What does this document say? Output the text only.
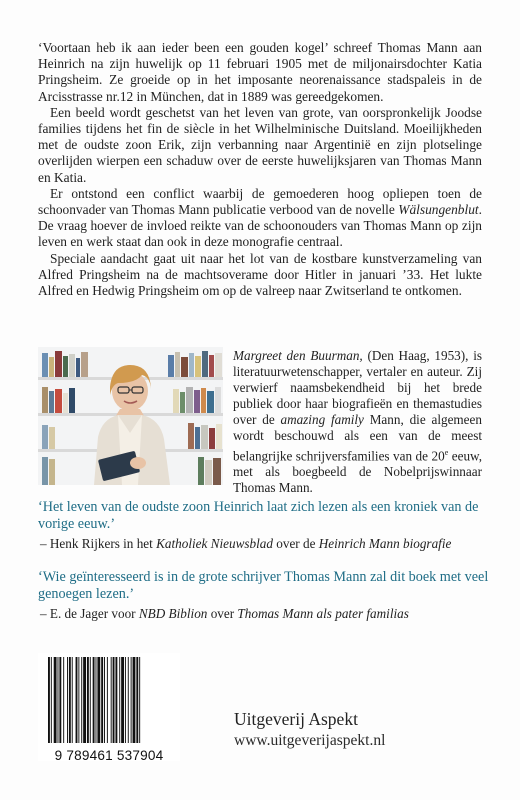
‘Voortaan heb ik aan ieder been een gouden kogel’ schreef Thomas Mann aan Heinrich na zijn huwelijk op 11 februari 1905 met de miljonairsdochter Katia Pringsheim. Ze groeide op in het imposante neorenaissance stadspaleis in de Arcisstrasse nr.12 in München, dat in 1889 was gereedgekomen.

Een beeld wordt geschetst van het leven van grote, van oorspronkelijk Joodse families tijdens het fin de siècle in het Wilhelminische Duitsland. Moeilijkheden met de oudste zoon Erik, zijn verbanning naar Argentinië en zijn plotselinge overlijden wierpen een schaduw over de eerste huwelijksjaren van Thomas Mann en Katia.

Er ontstond een conflict waarbij de gemoederen hoog opliepen toen de schoonvader van Thomas Mann publicatie verbood van de novelle Wälsungenblut. De vraag hoever de invloed reikte van de schoonouders van Thomas Mann op zijn leven en werk staat dan ook in deze monografie centraal.

Speciale aandacht gaat uit naar het lot van de kostbare kunstverzameling van Alfred Pringsheim na de machtsoverame door Hitler in januari ’33. Het lukte Alfred en Hedwig Pringsheim om op de valreep naar Zwitserland te ontkomen.

Margreet den Buurman, (Den Haag, 1953), is literatuurwetenschapper, vertaler en auteur. Zij verwierf naamsbekendheid bij het brede publiek door haar biografieën en themastudies over de amazing family Mann, die algemeen wordt beschouwd als een van de meest belangrijke schrijversfamilies van de 20e eeuw, met als boegbeeld de Nobelprijswinnaar Thomas Mann.

‘Het leven van de oudste zoon Heinrich laat zich lezen als een kroniek van de vorige eeuw.’
– Henk Rijkers in het Katholiek Nieuwsblad over de Heinrich Mann biografie
‘Wie geïnteresseerd is in de grote schrijver Thomas Mann zal dit boek met veel genoegen lezen.’
– E. de Jager voor NBD Biblion over Thomas Mann als pater familias
9 789461 537904
Uitgeverij Aspekt
www.uitgeverijaspekt.nl
